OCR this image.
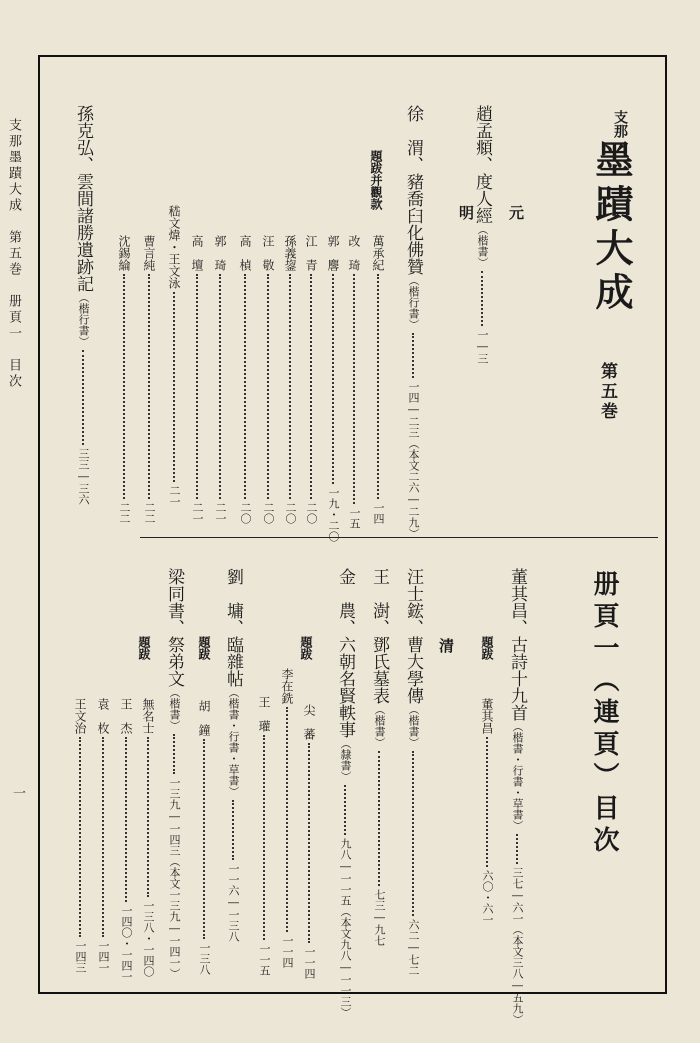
支那墨蹟大成　第五巻　册頁一　目次
一
支那
墨蹟大成
第五巻
册頁一（連頁）目次
元
趙孟頫、度人經（楷書）一―三
明
徐　渭、豬喬臼化佛贊（楷行書）一四―二三（本文二六―二九）
題跋并觀款
萬承紀一四
改　琦一五
郭　麐一九・二〇
江　青二〇
孫義鋆二〇
汪　敬二〇
高　楨二〇
郭　琦二一
高　壇二一
嵇文煒・王文泳二一
曹言純二二
沈錫綸二二
孫克弘、雲間諸勝遺跡記（楷行書）三三―三六
董其昌、古詩十九首（楷書・行書・草書）三七―六一（本文三八―五九）
題跋
董其昌六〇・六一
清
汪士鋐、曹大學傳（楷書）六二―七二
王　澍、鄧氏墓表（楷書）七三―九七
金　農、六朝名賢軼事（隸書）九八―一一五（本文九八―一一三）
題跋
尖　蕃一一四
李在銑一一四
王　瓘一一五
劉　墉、臨雜帖（楷書・行書・草書）一一六―一三八
題跋
胡　鐘一三八
梁同書、祭弟文（楷書）一三九―一四三（本文一三九―一四一）
題跋
無名士一三八・一四〇
王　杰一四〇・一四一
袁　枚一四一
王文治一四三
